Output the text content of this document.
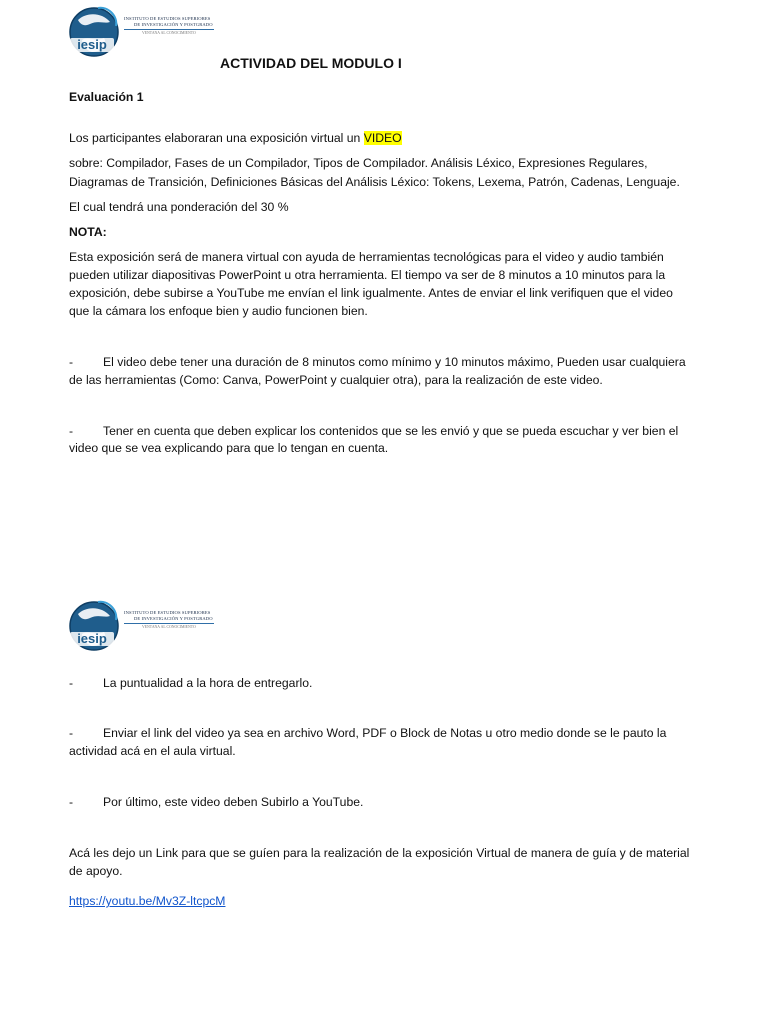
iesip
INSTITUTO DE ESTUDIOS SUPERIORES
DE INVESTIGACIÓN Y POSTGRADO
VENTANA AL CONOCIMIENTO
ACTIVIDAD DEL MODULO I
Evaluación 1
Los participantes elaboraran una exposición virtual un VIDEO
sobre: Compilador, Fases de un Compilador, Tipos de Compilador. Análisis Léxico, Expresiones Regulares,
Diagramas de Transición, Definiciones Básicas del Análisis Léxico: Tokens, Lexema, Patrón, Cadenas, Lenguaje.
El cual tendrá una ponderación del 30 %
NOTA:
Esta exposición será de manera virtual con ayuda de herramientas tecnológicas para el video y audio también
pueden utilizar diapositivas PowerPoint u otra herramienta. El tiempo va ser de 8 minutos a 10 minutos para la
exposición, debe subirse a YouTube me envían el link igualmente. Antes de enviar el link verifiquen que el video
que la cámara los enfoque bien y audio funcionen bien.
- El video debe tener una duración de 8 minutos como mínimo y 10 minutos máximo, Pueden usar cualquiera
de las herramientas (Como: Canva, PowerPoint y cualquier otra), para la realización de este video.
- Tener en cuenta que deben explicar los contenidos que se les envió y que se pueda escuchar y ver bien el
video que se vea explicando para que lo tengan en cuenta.
iesip
INSTITUTO DE ESTUDIOS SUPERIORES
DE INVESTIGACIÓN Y POSTGRADO
VENTANA AL CONOCIMIENTO
- La puntualidad a la hora de entregarlo.
- Enviar el link del video ya sea en archivo Word, PDF o Block de Notas u otro medio donde se le pauto la
actividad acá en el aula virtual.
- Por último, este video deben Subirlo a YouTube.
Acá les dejo un Link para que se guíen para la realización de la exposición Virtual de manera de guía y de material
de apoyo.
https://youtu.be/Mv3Z-ltcpcM
